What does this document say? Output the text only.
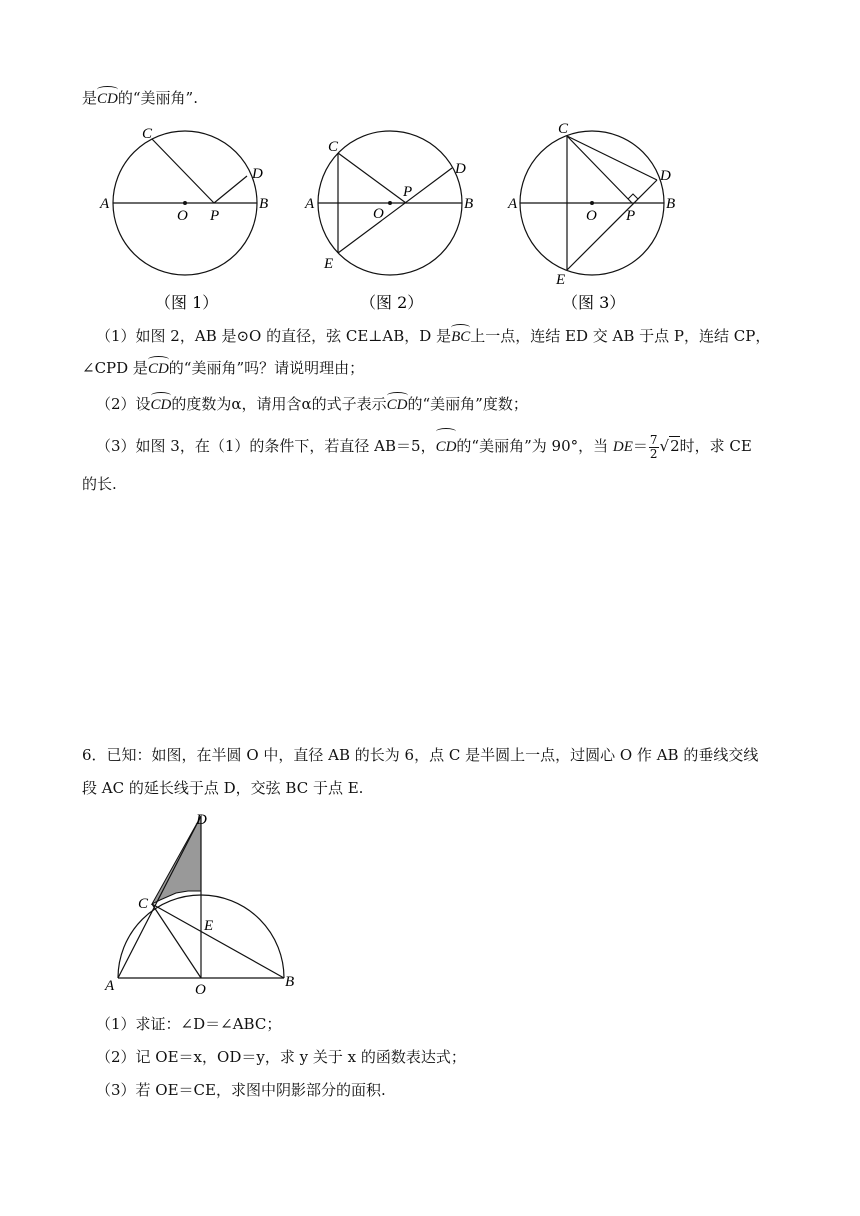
是CD的“美丽角”.
A	B
C
D
O P
（图 1）
A	B
C
D
E
O
P
（图 2）
A	B
C
D
E
O P
（图 3）
（1）如图 2，AB 是⊙O 的直径，弦 CE⊥AB，D 是BC上一点，连结 ED 交 AB 于点 P，连结 CP，
∠CPD 是CD的“美丽角”吗？请说明理由；
（2）设CD的度数为α，请用含α的式子表示CD的“美丽角”度数；
（3）如图 3，在（1）的条件下，若直径 AB＝5，CD的“美丽角”为 90°，当 $DE= \frac{7}{2} √2$时，求 CE
的长.
6．已知：如图，在半圆 O 中，直径 AB 的长为 6，点 C 是半圆上一点，过圆心 O 作 AB 的垂线交线
段 AC 的延长线于点 D，交弦 BC 于点 E.
A	B
C
D
E
O
（1）求证：∠D＝∠ABC；
（2）记 OE＝x，OD＝y，求 y 关于 x 的函数表达式；
（3）若 OE＝CE，求图中阴影部分的面积.
